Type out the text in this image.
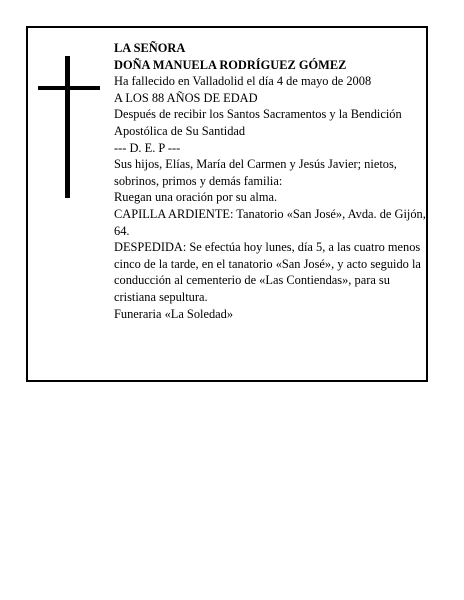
LA SEÑORA

DOÑA MANUELA RODRÍGUEZ GÓMEZ

Ha fallecido en Valladolid el día 4 de mayo de 2008

A LOS 88 AÑOS DE EDAD

Después de recibir los Santos Sacramentos y la Bendición Apostólica de Su Santidad

--- D. E. P ---

Sus hijos, Elías, María del Carmen y Jesús Javier; nietos, sobrinos, primos y demás familia:

Ruegan una oración por su alma.

CAPILLA ARDIENTE: Tanatorio «San José», Avda. de Gijón, 64.

DESPEDIDA: Se efectúa hoy lunes, día 5, a las cuatro menos cinco de la tarde, en el tanatorio «San José», y acto seguido la conducción al cementerio de «Las Contiendas», para su cristiana sepultura.

Funeraria «La Soledad»
